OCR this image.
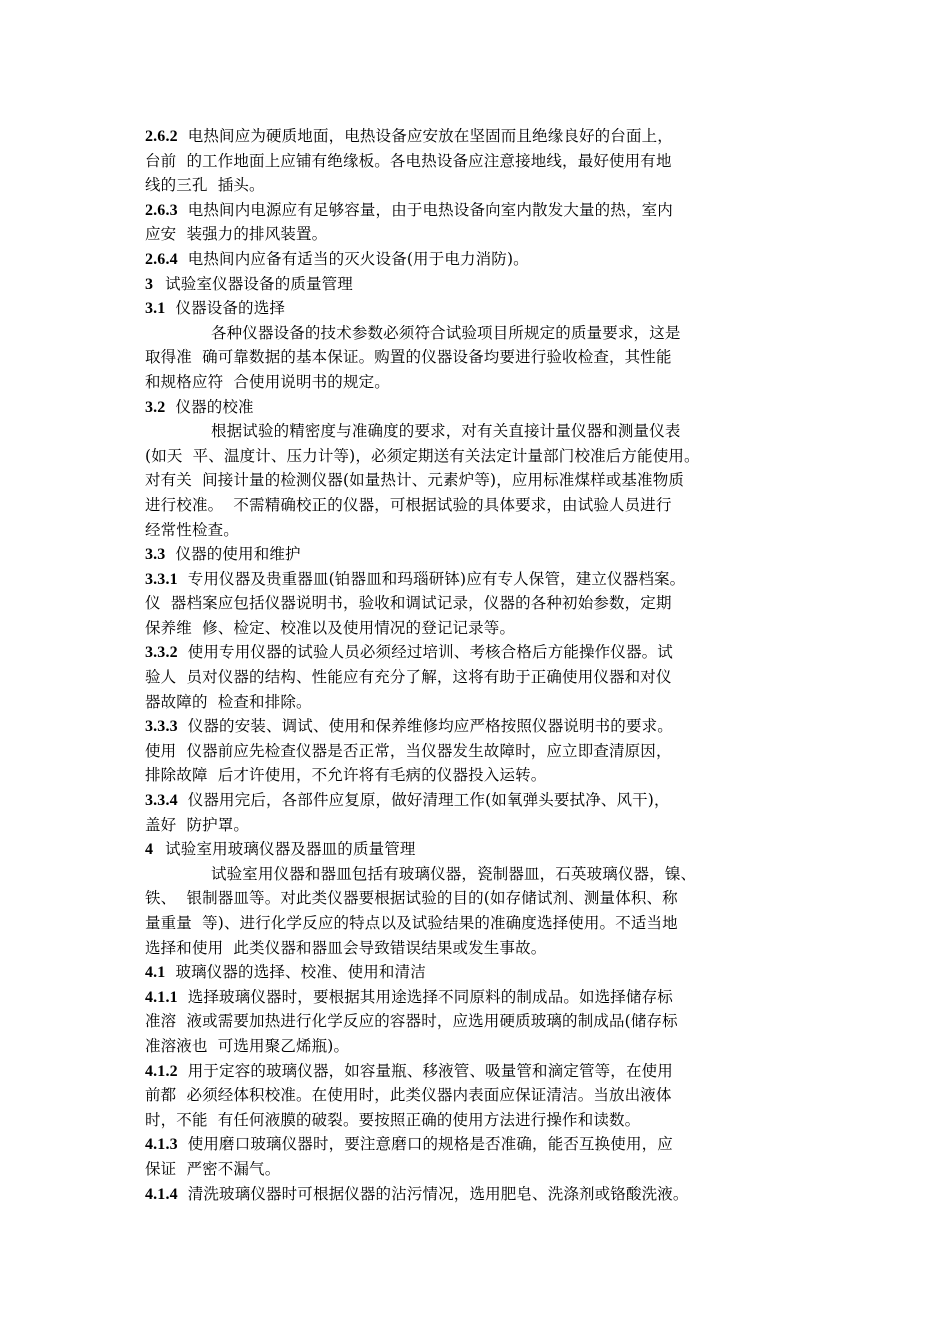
2.6.2 电热间应为硬质地面，电热设备应安放在坚固而且绝缘良好的台面上，
台前  的工作地面上应铺有绝缘板。各电热设备应注意接地线，最好使用有地
线的三孔  插头。
2.6.3 电热间内电源应有足够容量，由于电热设备向室内散发大量的热，室内
应安  装强力的排风装置。
2.6.4 电热间内应备有适当的灭火设备(用于电力消防)。
3 试验室仪器设备的质量管理
3.1 仪器设备的选择
各种仪器设备的技术参数必须符合试验项目所规定的质量要求，这是
取得准  确可靠数据的基本保证。购置的仪器设备均要进行验收检查，其性能
和规格应符  合使用说明书的规定。
3.2 仪器的校准
根据试验的精密度与准确度的要求，对有关直接计量仪器和测量仪表
(如天  平、温度计、压力计等)，必须定期送有关法定计量部门校准后方能使用。
对有关  间接计量的检测仪器(如量热计、元素炉等)，应用标准煤样或基准物质
进行校准。  不需精确校正的仪器，可根据试验的具体要求，由试验人员进行
经常性检查。
3.3 仪器的使用和维护
3.3.1 专用仪器及贵重器皿(铂器皿和玛瑙研钵)应有专人保管，建立仪器档案。
仪  器档案应包括仪器说明书，验收和调试记录，仪器的各种初始参数，定期
保养维  修、检定、校准以及使用情况的登记记录等。
3.3.2 使用专用仪器的试验人员必须经过培训、考核合格后方能操作仪器。试
验人  员对仪器的结构、性能应有充分了解，这将有助于正确使用仪器和对仪
器故障的  检查和排除。
3.3.3 仪器的安装、调试、使用和保养维修均应严格按照仪器说明书的要求。
使用  仪器前应先检查仪器是否正常，当仪器发生故障时，应立即查清原因，
排除故障  后才许使用，不允许将有毛病的仪器投入运转。
3.3.4 仪器用完后，各部件应复原，做好清理工作(如氧弹头要拭净、风干)，
盖好  防护罩。
4 试验室用玻璃仪器及器皿的质量管理
试验室用仪器和器皿包括有玻璃仪器，瓷制器皿，石英玻璃仪器，镍、
铁、  银制器皿等。对此类仪器要根据试验的目的(如存储试剂、测量体积、称
量重量  等)、进行化学反应的特点以及试验结果的准确度选择使用。不适当地
选择和使用  此类仪器和器皿会导致错误结果或发生事故。
4.1 玻璃仪器的选择、校准、使用和清洁
4.1.1 选择玻璃仪器时，要根据其用途选择不同原料的制成品。如选择储存标
准溶  液或需要加热进行化学反应的容器时，应选用硬质玻璃的制成品(储存标
准溶液也  可选用聚乙烯瓶)。
4.1.2 用于定容的玻璃仪器，如容量瓶、移液管、吸量管和滴定管等，在使用
前都  必须经体积校准。在使用时，此类仪器内表面应保证清洁。当放出液体
时，不能  有任何液膜的破裂。要按照正确的使用方法进行操作和读数。
4.1.3 使用磨口玻璃仪器时，要注意磨口的规格是否准确，能否互换使用，应
保证  严密不漏气。
4.1.4 清洗玻璃仪器时可根据仪器的沾污情况，选用肥皂、洗涤剂或铬酸洗液。
